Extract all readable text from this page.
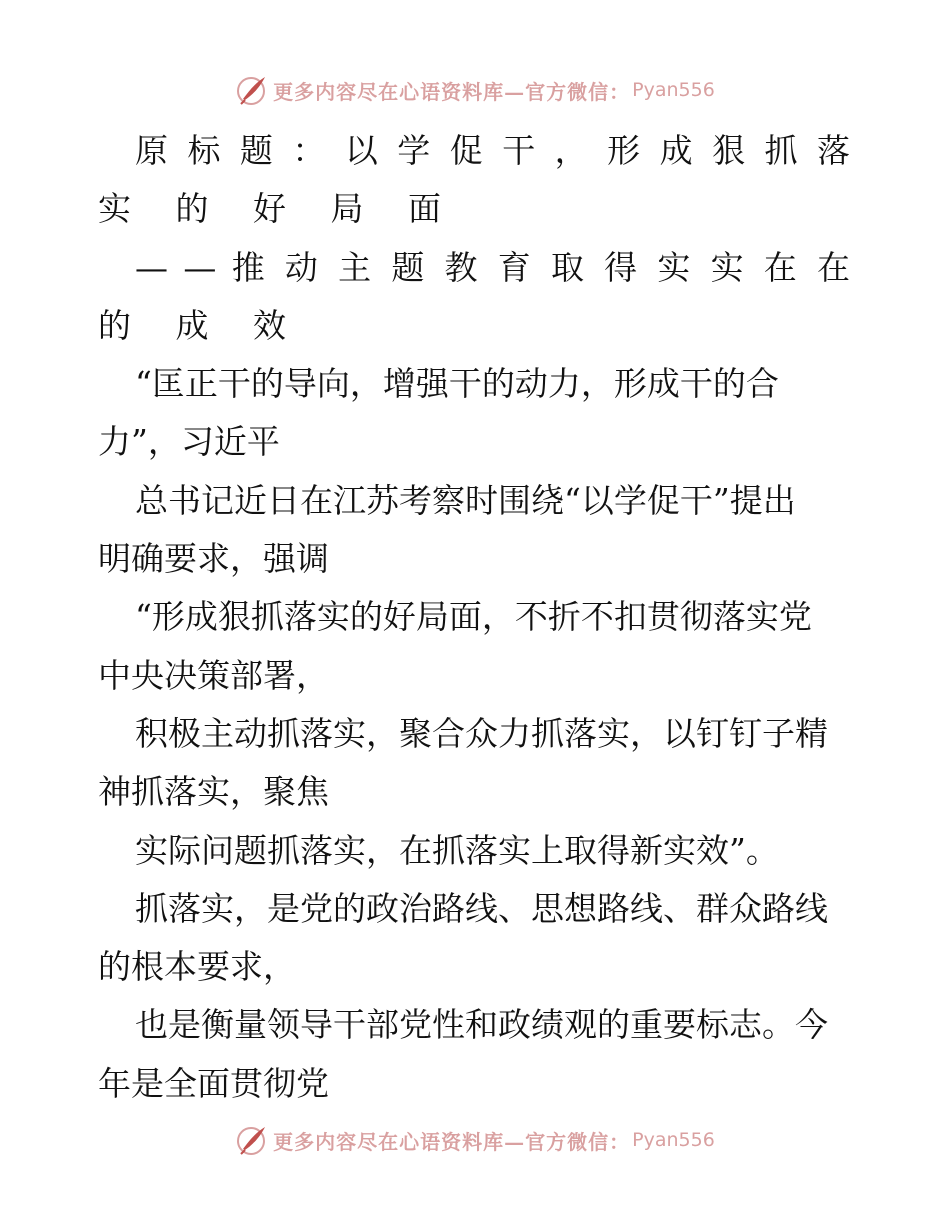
更多内容尽在心语资料库—官方微信： Pyan556
原 标 题 ： 以 学 促 干 ， 形 成 狠 抓 落
实 的 好 局 面
— — 推 动 主 题 教 育 取 得 实 实 在 在
的 成 效
“匡正干的导向，增强干的动力，形成干的合
力”，习近平
总书记近日在江苏考察时围绕“以学促干”提出
明确要求，强调
“形成狠抓落实的好局面，不折不扣贯彻落实党
中央决策部署，
积极主动抓落实，聚合众力抓落实，以钉钉子精
神抓落实，聚焦
实际问题抓落实，在抓落实上取得新实效”。
抓落实，是党的政治路线、思想路线、群众路线
的根本要求，
也是衡量领导干部党性和政绩观的重要标志。今
年是全面贯彻党
更多内容尽在心语资料库—官方微信： Pyan556
